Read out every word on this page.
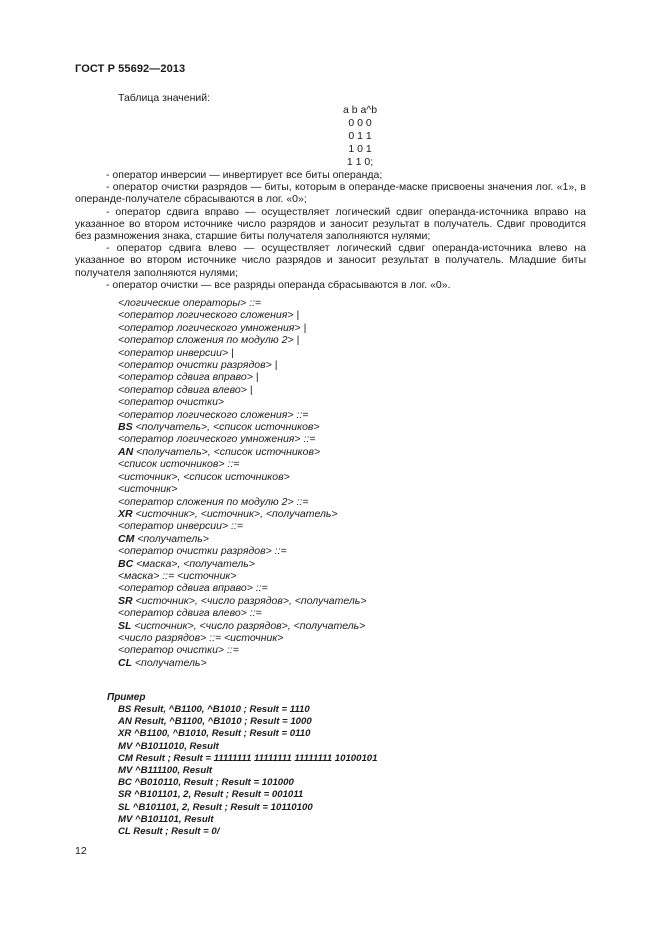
ГОСТ Р 55692—2013
Таблица значений:
a b a^b
0 0 0
0 1 1
1 0 1
1 1 0;

- оператор инверсии — инвертирует все биты операнда;

- оператор очистки разрядов — биты, которым в операнде-маске присвоены значения лог. «1», в операнде-получателе сбрасываются в лог. «0»;

- оператор сдвига вправо — осуществляет логический сдвиг операнда-источника вправо на указанное во втором источнике число разрядов и заносит результат в получатель. Сдвиг проводится без размножения знака, старшие биты получателя заполняются нулями;

- оператор сдвига влево — осуществляет логический сдвиг операнда-источника влево на указанное во втором источнике число разрядов и заносит результат в получатель. Младшие биты получателя заполняются нулями;

- оператор очистки — все разряды операнда сбрасываются в лог. «0».

<логические операторы> ::=
<оператор логического сложения> |
<оператор логического умножения> |
<оператор сложения по модулю 2> |
<оператор инверсии> |
<оператор очистки разрядов> |
<оператор сдвига вправо> |
<оператор сдвига влево> |
<оператор очистки>
<оператор логического сложения> ::=
BS <получатель>, <список источников>
<оператор логического умножения> ::=
AN <получатель>, <список источников>
<список источников> ::=
<источник>, <список источников>
<источник>
<оператор сложения по модулю 2> ::=
XR <источник>, <источник>, <получатель>
<оператор инверсии> ::=
CM <получатель>
<оператор очистки разрядов> ::=
BC <маска>, <получатель>
<маска> ::= <источник>
<оператор сдвига вправо> ::=
SR <источник>, <число разрядов>, <получатель>
<оператор сдвига влево> ::=
SL <источник>, <число разрядов>, <получатель>
<число разрядов> ::= <источник>
<оператор очистки> ::=
CL <получатель>
Пример
BS Result, ^B1100, ^B1010 ; Result = 1110
AN Result, ^B1100, ^B1010 ; Result = 1000
XR ^B1100, ^B1010, Result ; Result = 0110
MV ^B1011010, Result
CM Result ; Result = 11111111 11111111 11111111 10100101
MV ^B111100, Result
BC ^B010110, Result ; Result = 101000
SR ^B101101, 2, Result ; Result = 001011
SL ^B101101, 2, Result ; Result = 10110100
MV ^B101101, Result
CL Result ; Result = 0/
12
